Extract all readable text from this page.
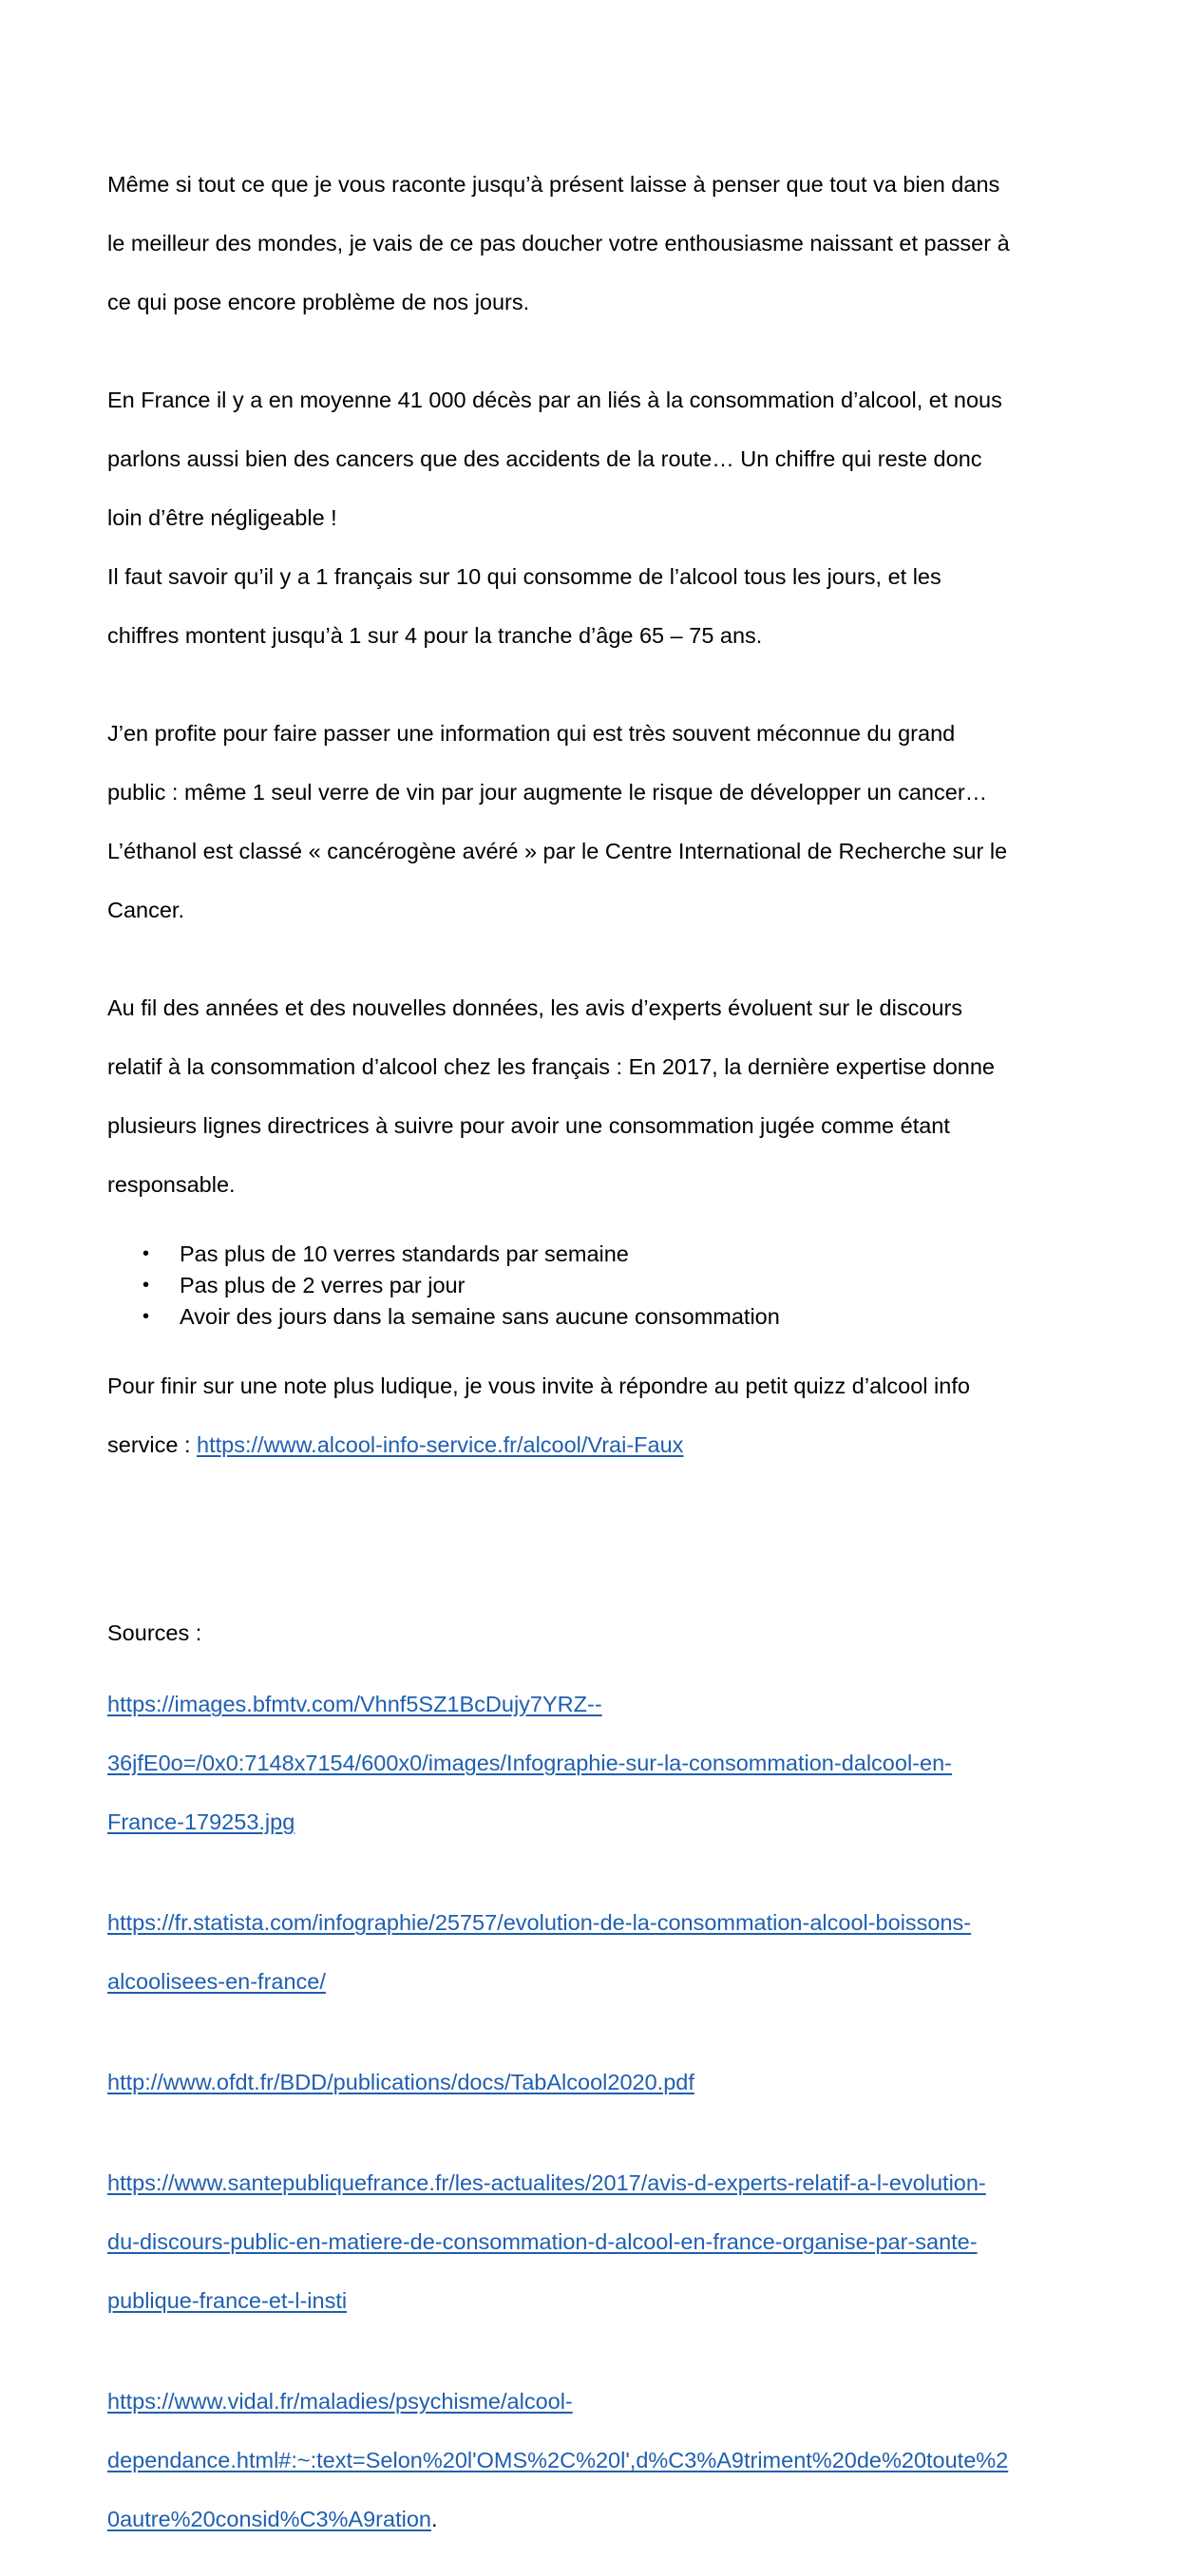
Même si tout ce que je vous raconte jusqu’à présent laisse à penser que tout va bien dans

le meilleur des mondes, je vais de ce pas doucher votre enthousiasme naissant et passer à

ce qui pose encore problème de nos jours.

En France il y a en moyenne 41 000 décès par an liés à la consommation d’alcool, et nous

parlons aussi bien des cancers que des accidents de la route… Un chiffre qui reste donc

loin d’être négligeable !

Il faut savoir qu’il y a 1 français sur 10 qui consomme de l’alcool tous les jours, et les

chiffres montent jusqu’à 1 sur 4 pour la tranche d’âge 65 – 75 ans.

J’en profite pour faire passer une information qui est très souvent méconnue du grand

public : même 1 seul verre de vin par jour augmente le risque de développer un cancer…

L’éthanol est classé « cancérogène avéré » par le Centre International de Recherche sur le

Cancer.

Au fil des années et des nouvelles données, les avis d’experts évoluent sur le discours

relatif à la consommation d’alcool chez les français : En 2017, la dernière expertise donne

plusieurs lignes directrices à suivre pour avoir une consommation jugée comme étant

responsable.

• Pas plus de 10 verres standards par semaine
• Pas plus de 2 verres par jour
• Avoir des jours dans la semaine sans aucune consommation

Pour finir sur une note plus ludique, je vous invite à répondre au petit quizz d’alcool info

service : https://www.alcool-info-service.fr/alcool/Vrai-Faux

Sources :

https://images.bfmtv.com/Vhnf5SZ1BcDujy7YRZ--

36jfE0o=/0x0:7148x7154/600x0/images/Infographie-sur-la-consommation-dalcool-en-

France-179253.jpg

https://fr.statista.com/infographie/25757/evolution-de-la-consommation-alcool-boissons-

alcoolisees-en-france/

http://www.ofdt.fr/BDD/publications/docs/TabAlcool2020.pdf

https://www.santepubliquefrance.fr/les-actualites/2017/avis-d-experts-relatif-a-l-evolution-

du-discours-public-en-matiere-de-consommation-d-alcool-en-france-organise-par-sante-

publique-france-et-l-insti

https://www.vidal.fr/maladies/psychisme/alcool-

dependance.html#:~:text=Selon%20l'OMS%2C%20l',d%C3%A9triment%20de%20toute%2

0autre%20consid%C3%A9ration.
